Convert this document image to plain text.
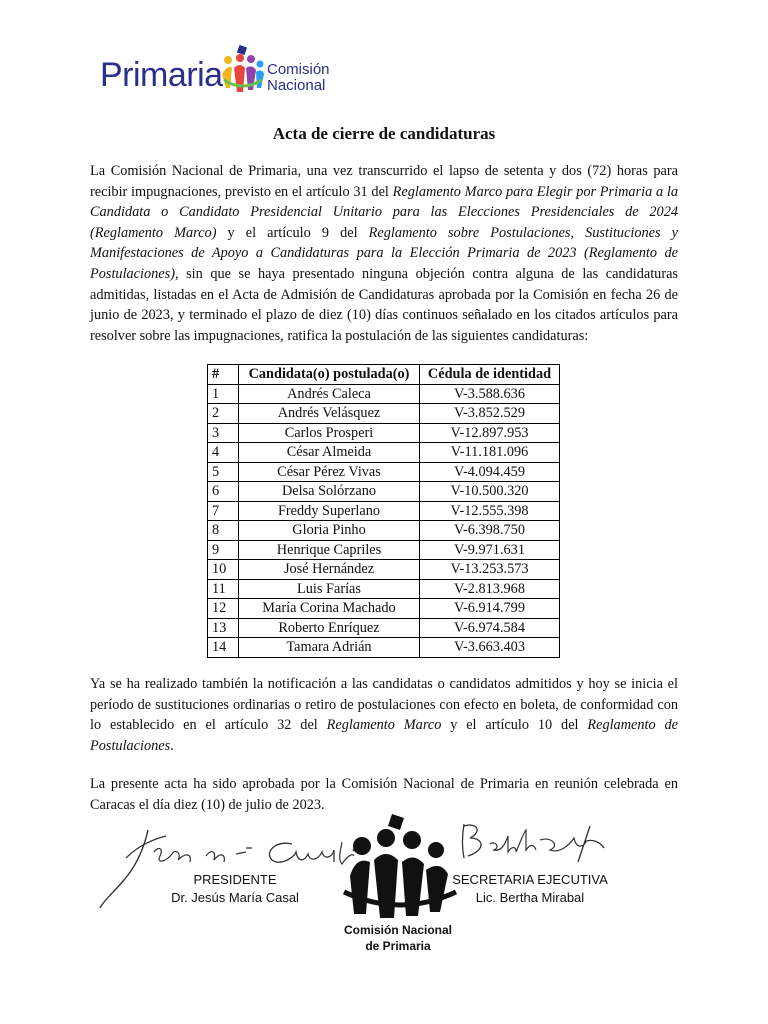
Primaria	Comisión
Nacional
Acta de cierre de candidaturas
La Comisión Nacional de Primaria, una vez transcurrido el lapso de setenta y dos (72) horas para recibir impugnaciones, previsto en el artículo 31 del Reglamento Marco para Elegir por Primaria a la Candidata o Candidato Presidencial Unitario para las Elecciones Presidenciales de 2024 (Reglamento Marco) y el artículo 9 del Reglamento sobre Postulaciones, Sustituciones y Manifestaciones de Apoyo a Candidaturas para la Elección Primaria de 2023 (Reglamento de Postulaciones), sin que se haya presentado ninguna objeción contra alguna de las candidaturas admitidas, listadas en el Acta de Admisión de Candidaturas aprobada por la Comisión en fecha 26 de junio de 2023, y terminado el plazo de diez (10) días continuos señalado en los citados artículos para resolver sobre las impugnaciones, ratifica la postulación de las siguientes candidaturas:
#	Candidata(o) postulada(o)	Cédula de identidad
1	Andrés Caleca	V-3.588.636
2	Andrés Velásquez	V-3.852.529
3	Carlos Prosperi	V-12.897.953
4	César Almeida	V-11.181.096
5	César Pérez Vivas	V-4.094.459
6	Delsa Solórzano	V-10.500.320
7	Freddy Superlano	V-12.555.398
8	Gloria Pinho	V-6.398.750
9	Henrique Capriles	V-9.971.631
10	José Hernández	V-13.253.573
11	Luis Farías	V-2.813.968
12	María Corina Machado	V-6.914.799
13	Roberto Enríquez	V-6.974.584
14	Tamara Adrián	V-3.663.403
Ya se ha realizado también la notificación a las candidatas o candidatos admitidos y hoy se inicia el período de sustituciones ordinarias o retiro de postulaciones con efecto en boleta, de conformidad con lo establecido en el artículo 32 del Reglamento Marco y el artículo 10 del Reglamento de Postulaciones.
La presente acta ha sido aprobada por la Comisión Nacional de Primaria en reunión celebrada en Caracas el día diez (10) de julio de 2023.
PRESIDENTE
Dr. Jesús María Casal
SECRETARIA EJECUTIVA
Lic. Bertha Mirabal
Comisión Nacional
de Primaria
